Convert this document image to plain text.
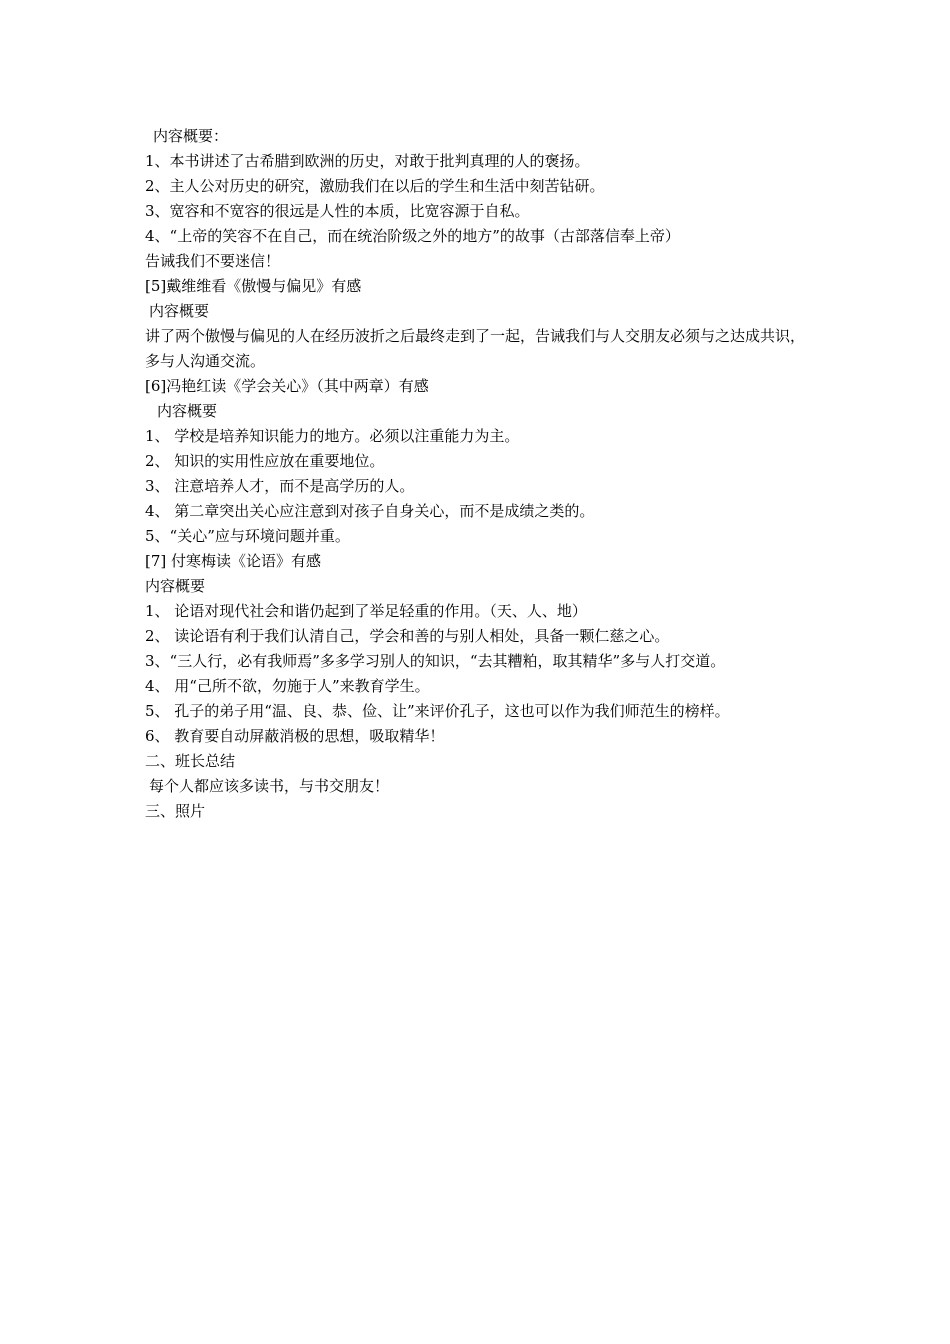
内容概要：
1、本书讲述了古希腊到欧洲的历史，对敢于批判真理的人的褒扬。
2、主人公对历史的研究，激励我们在以后的学生和生活中刻苦钻研。
3、宽容和不宽容的很远是人性的本质，比宽容源于自私。
4、“上帝的笑容不在自己，而在统治阶级之外的地方”的故事（古部落信奉上帝）
告诫我们不要迷信！
[5]戴维维看《傲慢与偏见》有感
内容概要
讲了两个傲慢与偏见的人在经历波折之后最终走到了一起，告诫我们与人交朋友必须与之达成共识，多与人沟通交流。
[6]冯艳红读《学会关心》（其中两章）有感
内容概要
1、 学校是培养知识能力的地方。必须以注重能力为主。
2、 知识的实用性应放在重要地位。
3、 注意培养人才，而不是高学历的人。
4、 第二章突出关心应注意到对孩子自身关心，而不是成绩之类的。
5、“关心”应与环境问题并重。
[7] 付寒梅读《论语》有感
内容概要
1、 论语对现代社会和谐仍起到了举足轻重的作用。（天、人、地）
2、 读论语有利于我们认清自己，学会和善的与别人相处，具备一颗仁慈之心。
3、“三人行，必有我师焉”多多学习别人的知识，“去其糟粕，取其精华”多与人打交道。
4、 用“己所不欲，勿施于人”来教育学生。
5、 孔子的弟子用“温、良、恭、俭、让”来评价孔子，这也可以作为我们师范生的榜样。
6、 教育要自动屏蔽消极的思想，吸取精华！
二、班长总结
每个人都应该多读书，与书交朋友！
三、照片
